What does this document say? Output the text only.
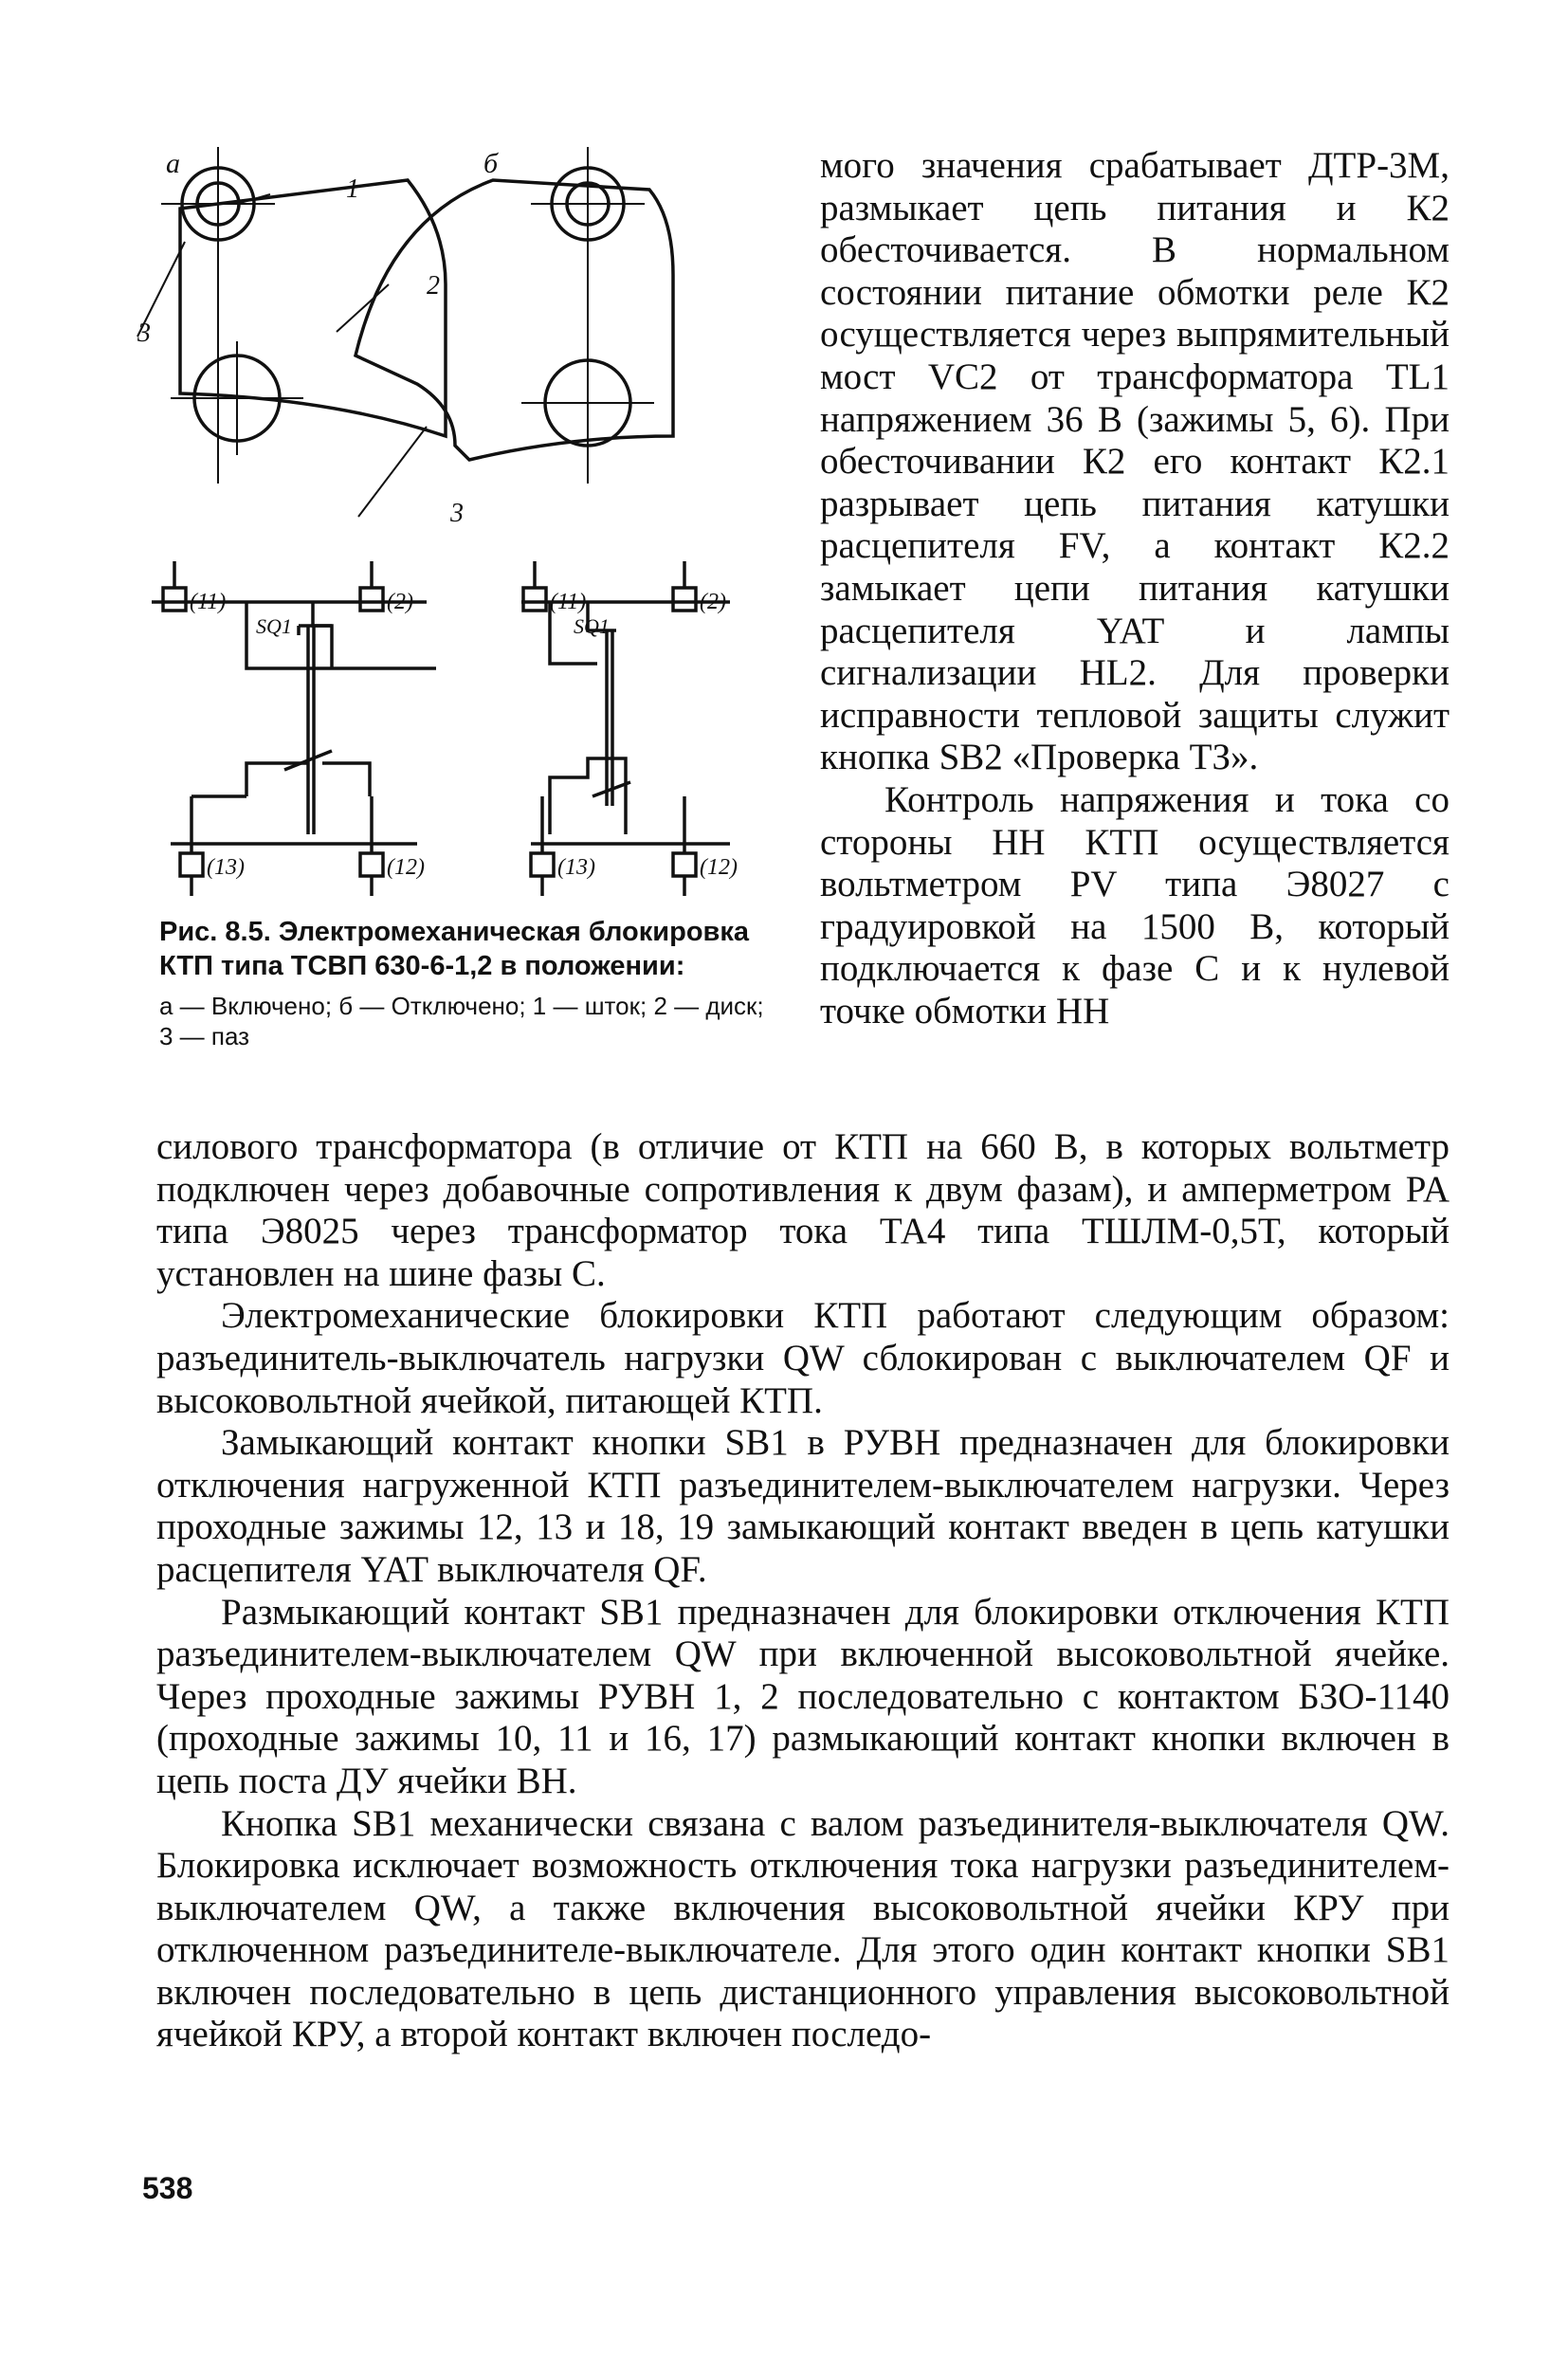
а	б
1
2
3
3
(11)	(2)
SQ1
(11)	(2)
SQ1
(13)	(12)	(13)	(12)
Рис. 8.5. Электромеханическая блокировка КТП типа ТСВП 630-6-1,2 в положении:
а — Включено; б — Отключено; 1 — шток; 2 — диск; 3 — паз

мого значения срабатывает ДТР-3М, размыкает цепь питания и К2 обесточивается. В нормальном состоянии питание обмотки реле К2 осуществляется через выпрямительный мост VC2 от трансформатора TL1 напряжением 36 В (зажимы 5, 6). При обесточивании К2 его контакт К2.1 разрывает цепь питания катушки расцепителя FV, а контакт К2.2 замыкает цепи питания катушки расцепителя YAT и лампы сигнализации HL2. Для проверки исправности тепловой защиты служит кнопка SB2 «Проверка ТЗ».

Контроль напряжения и тока со стороны НН КТП осуществляется вольтметром PV типа Э8027 с градуировкой на 1500 В, который подключается к фазе С и к нулевой точке обмотки НН

силового трансформатора (в отличие от КТП на 660 В, в которых вольтметр подключен через добавочные сопротивления к двум фазам), и амперметром PA типа Э8025 через трансформатор тока ТА4 типа ТШЛМ-0,5Т, который установлен на шине фазы С.

Электромеханические блокировки КТП работают следующим образом: разъединитель-выключатель нагрузки QW сблокирован с выключателем QF и высоковольтной ячейкой, питающей КТП.

Замыкающий контакт кнопки SB1 в РУВН предназначен для блокировки отключения нагруженной КТП разъединителем-выключателем нагрузки. Через проходные зажимы 12, 13 и 18, 19 замыкающий контакт введен в цепь катушки расцепителя YAT выключателя QF.

Размыкающий контакт SB1 предназначен для блокировки отключения КТП разъединителем-выключателем QW при включенной высоковольтной ячейке. Через проходные зажимы РУВН 1, 2 последовательно с контактом БЗО-1140 (проходные зажимы 10, 11 и 16, 17) размыкающий контакт кнопки включен в цепь поста ДУ ячейки ВН.

Кнопка SB1 механически связана с валом разъединителя-выключателя QW. Блокировка исключает возможность отключения тока нагрузки разъединителем-выключателем QW, а также включения высоковольтной ячейки КРУ при отключенном разъединителе-выключателе. Для этого один контакт кнопки SB1 включен последовательно в цепь дистанционного управления высоковольтной ячейкой КРУ, а второй контакт включен последо-

538
